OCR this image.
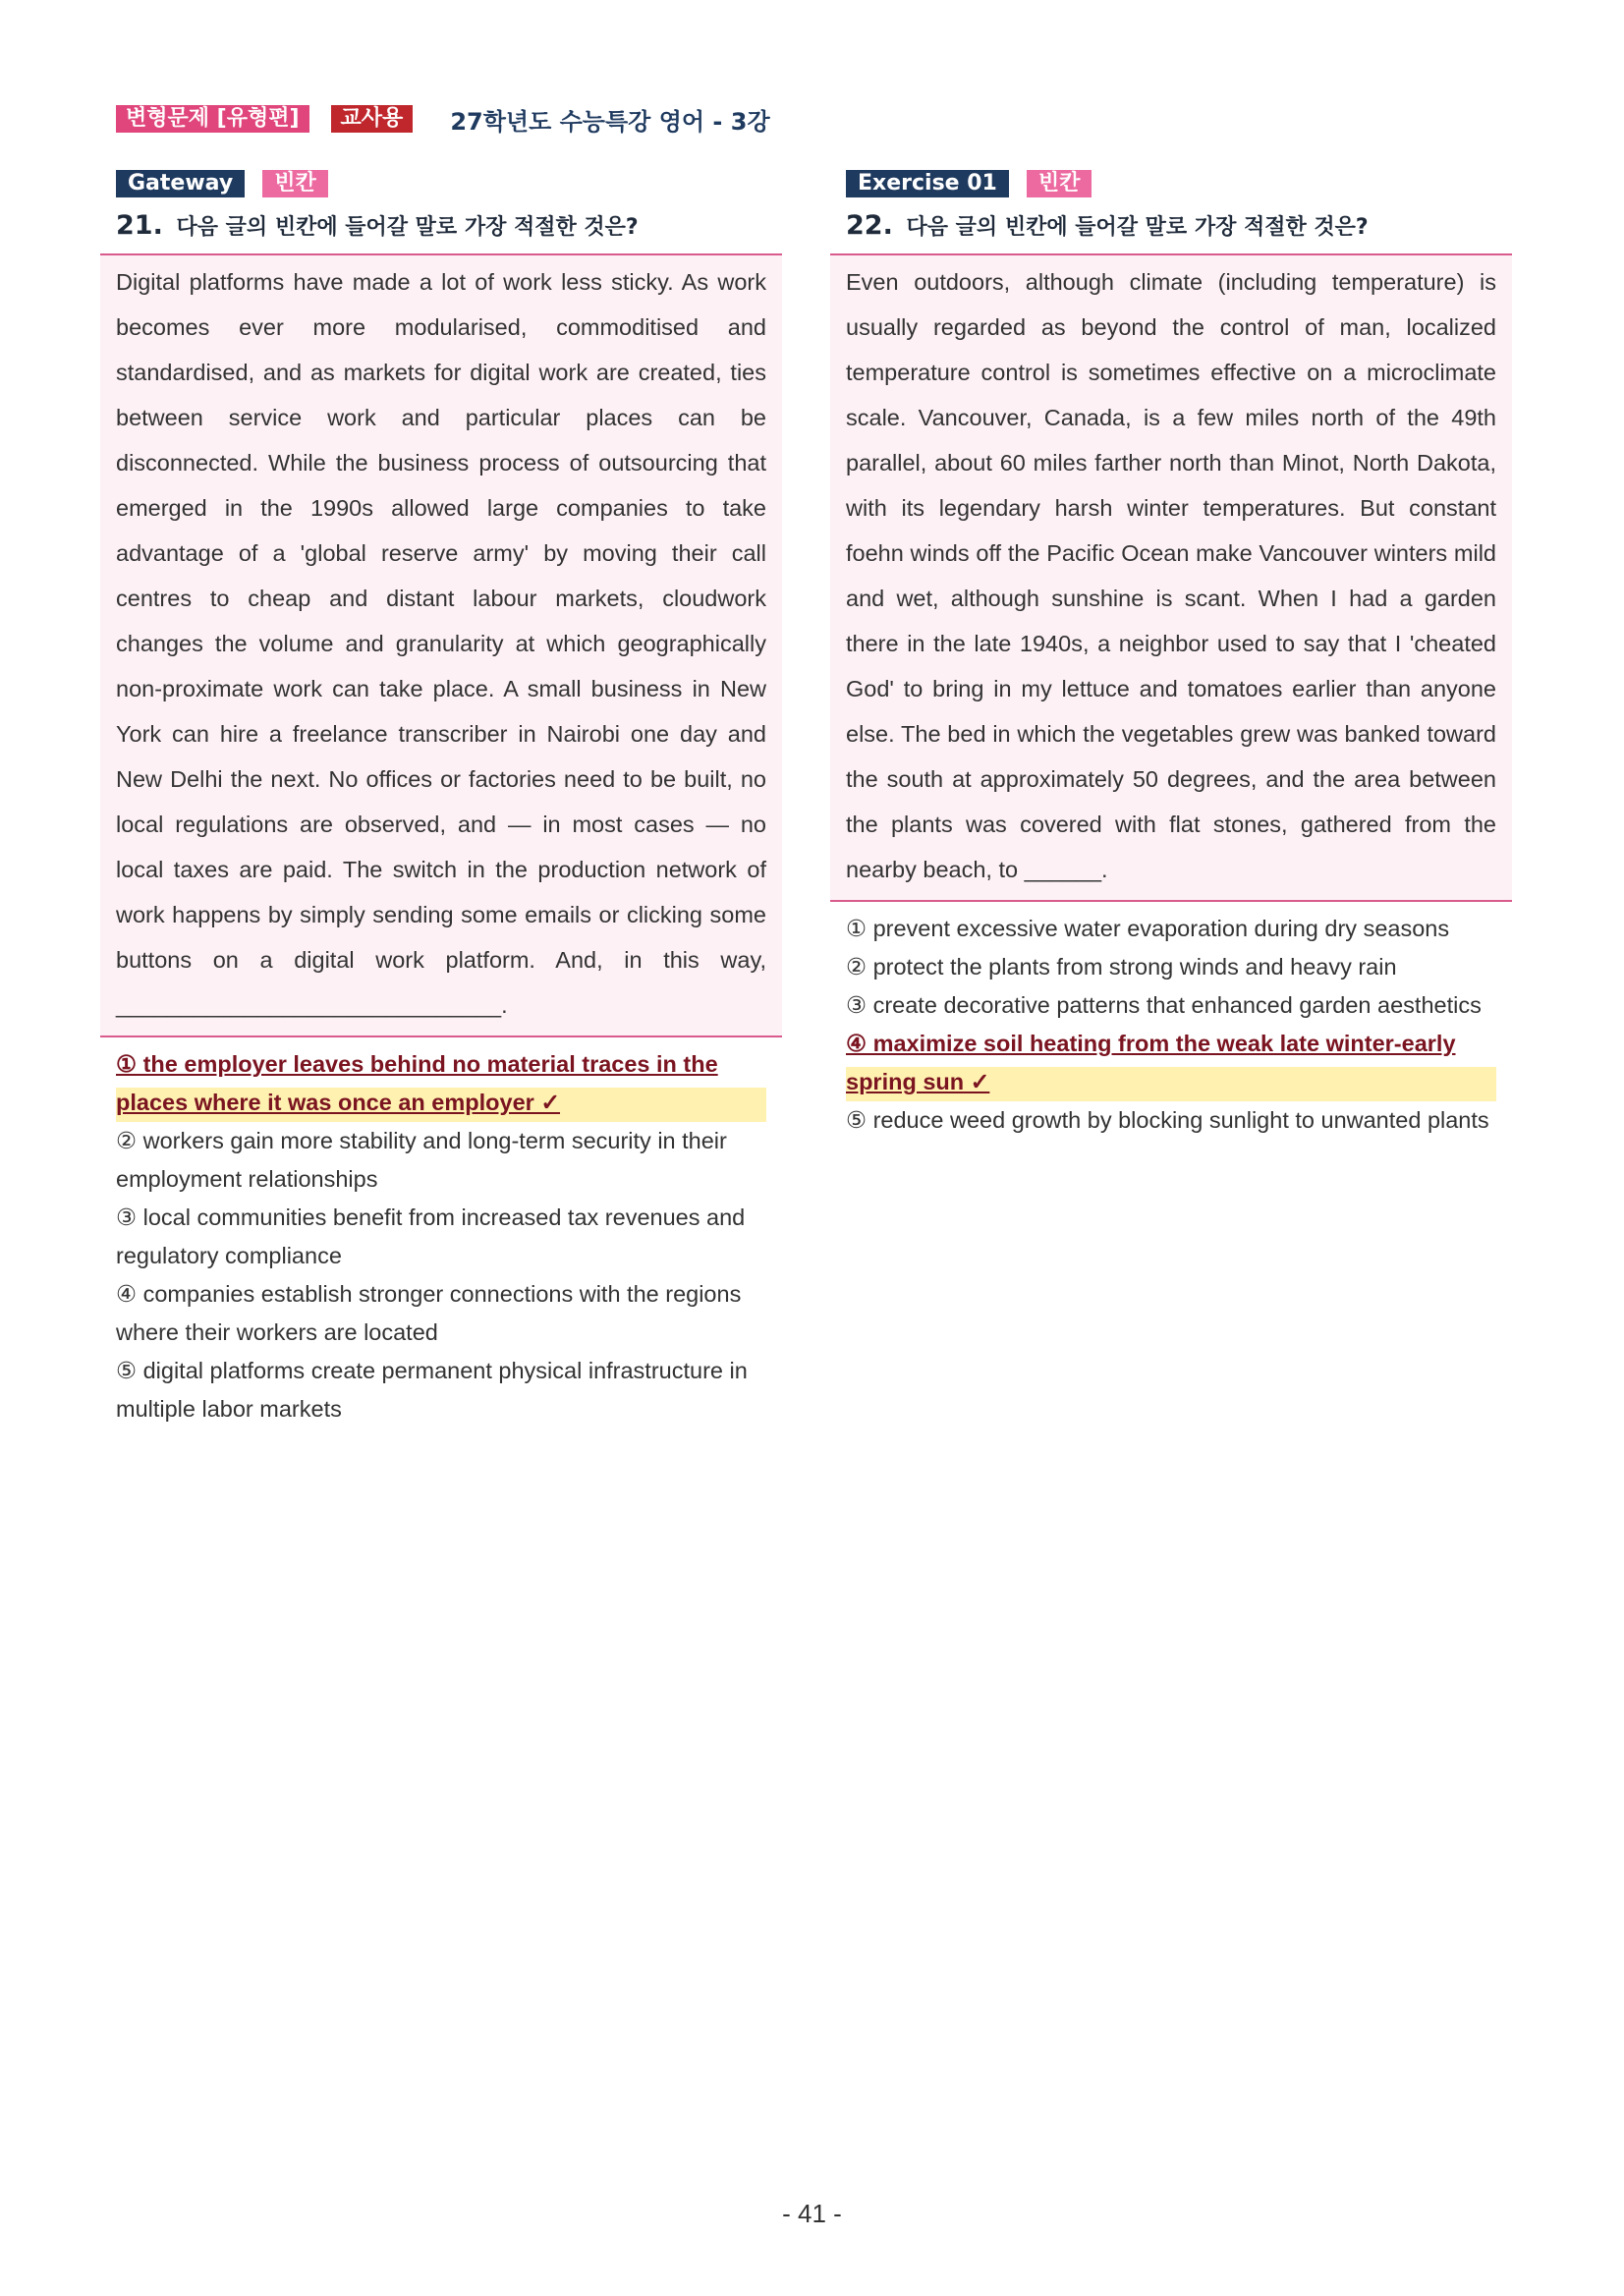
변형문제 [유형편]	교사용	27학년도 수능특강 영어 - 3강
Gateway	빈칸
21. 다음 글의 빈칸에 들어갈 말로 가장 적절한 것은?
Digital platforms have made a lot of work less sticky. As work becomes ever more modularised, commoditised and standardised, and as markets for digital work are created, ties between service work and particular places can be disconnected. While the business process of outsourcing that emerged in the 1990s allowed large companies to take advantage of a 'global reserve army' by moving their call centres to cheap and distant labour markets, cloudwork changes the volume and granularity at which geographically non-proximate work can take place. A small business in New York can hire a freelance transcriber in Nairobi one day and New Delhi the next. No offices or factories need to be built, no local regulations are observed, and — in most cases — no local taxes are paid. The switch in the production network of work happens by simply sending some emails or clicking some buttons on a digital work platform. And, in this way, ______________________________.

① the employer leaves behind no material traces in the places where it was once an employer ✓

② workers gain more stability and long-term security in their employment relationships

③ local communities benefit from increased tax revenues and regulatory compliance

④ companies establish stronger connections with the regions where their workers are located

⑤ digital platforms create permanent physical infrastructure in multiple labor markets

Exercise 01	빈칸
22. 다음 글의 빈칸에 들어갈 말로 가장 적절한 것은?
Even outdoors, although climate (including temperature) is usually regarded as beyond the control of man, localized temperature control is sometimes effective on a microclimate scale. Vancouver, Canada, is a few miles north of the 49th parallel, about 60 miles farther north than Minot, North Dakota, with its legendary harsh winter temperatures. But constant foehn winds off the Pacific Ocean make Vancouver winters mild and wet, although sunshine is scant. When I had a garden there in the late 1940s, a neighbor used to say that I 'cheated God' to bring in my lettuce and tomatoes earlier than anyone else. The bed in which the vegetables grew was banked toward the south at approximately 50 degrees, and the area between the plants was covered with flat stones, gathered from the nearby beach, to ______.

① prevent excessive water evaporation during dry seasons

② protect the plants from strong winds and heavy rain

③ create decorative patterns that enhanced garden aesthetics

④ maximize soil heating from the weak late winter-early spring sun ✓

⑤ reduce weed growth by blocking sunlight to unwanted plants

- 41 -
